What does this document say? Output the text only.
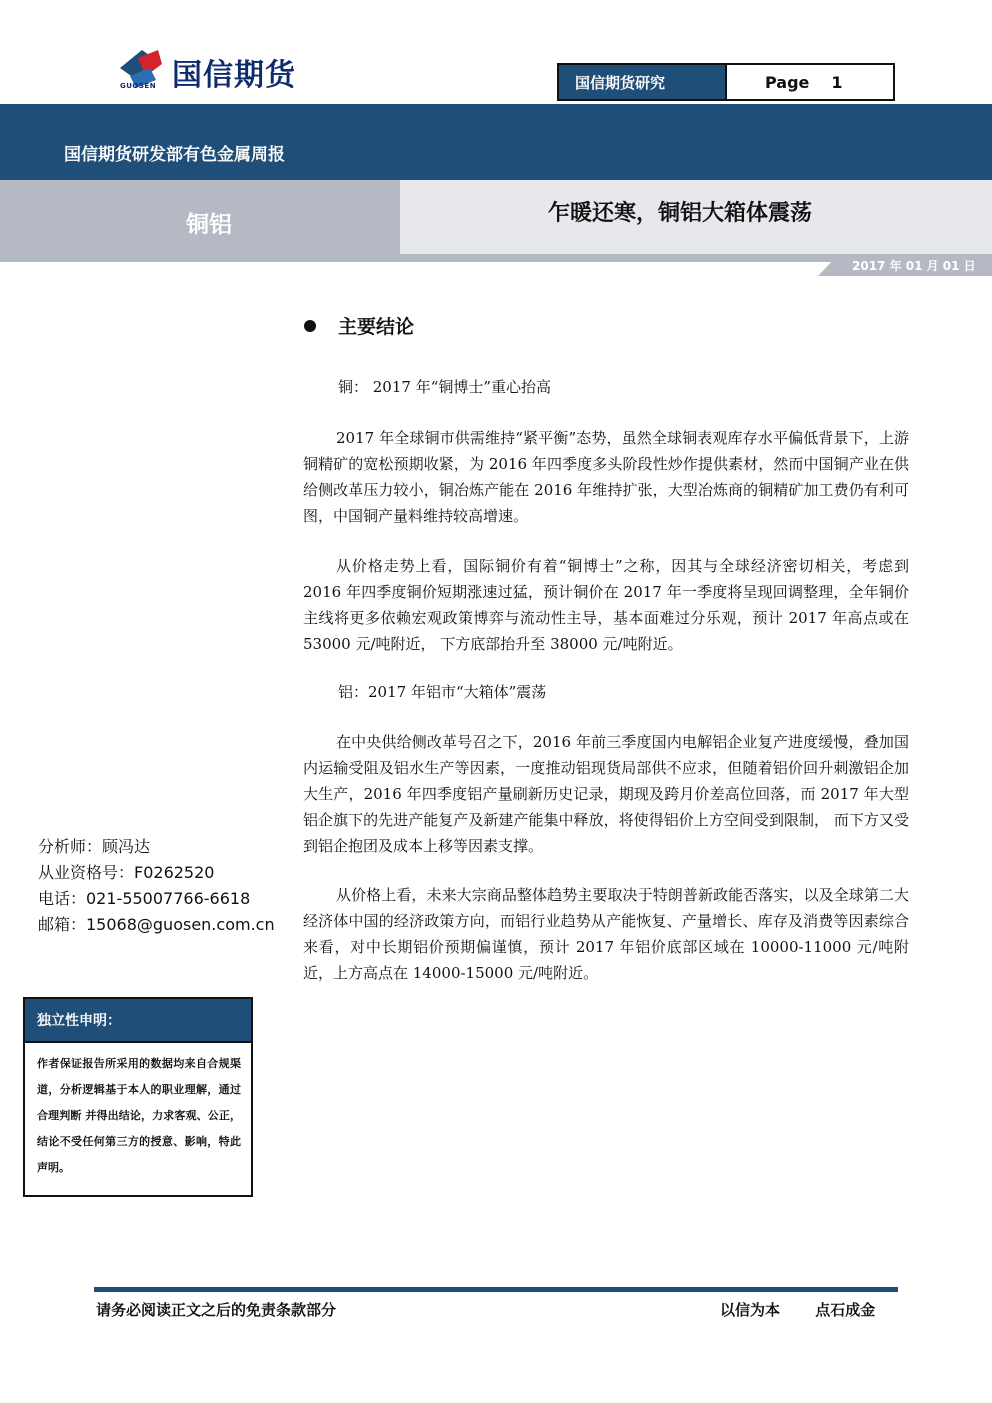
国信期货
GUOSEN	国信期货研究	Page 1
国信期货研发部有色金属周报
铜铝	乍暖还寒，铜铝大箱体震荡
2017 年 01 月 01 日
主要结论
铜： 2017 年“铜博士”重心抬高
2017 年全球铜市供需维持“紧平衡”态势，虽然全球铜表观库存水平偏低背景下，上游铜精矿的宽松预期收紧，为 2016 年四季度多头阶段性炒作提供素材，然而中国铜产业在供给侧改革压力较小，铜冶炼产能在 2016 年维持扩张，大型冶炼商的铜精矿加工费仍有利可图，中国铜产量料维持较高增速。
从价格走势上看，国际铜价有着“铜博士”之称，因其与全球经济密切相关，考虑到 2016 年四季度铜价短期涨速过猛，预计铜价在 2017 年一季度将呈现回调整理，全年铜价主线将更多依赖宏观政策博弈与流动性主导，基本面难过分乐观，预计 2017 年高点或在 53000 元/吨附近， 下方底部抬升至 38000 元/吨附近。
铝：2017 年铝市“大箱体”震荡
在中央供给侧改革号召之下，2016 年前三季度国内电解铝企业复产进度缓慢，叠加国内运输受阻及铝水生产等因素，一度推动铝现货局部供不应求，但随着铝价回升刺激铝企加大生产，2016 年四季度铝产量刷新历史记录，期现及跨月价差高位回落，而 2017 年大型铝企旗下的先进产能复产及新建产能集中释放，将使得铝价上方空间受到限制， 而下方又受到铝企抱团及成本上移等因素支撑。
从价格上看，未来大宗商品整体趋势主要取决于特朗普新政能否落实，以及全球第二大经济体中国的经济政策方向，而铝行业趋势从产能恢复、产量增长、库存及消费等因素综合来看，对中长期铝价预期偏谨慎，预计 2017 年铝价底部区域在 10000-11000 元/吨附近，上方高点在 14000-15000 元/吨附近。
分析师：顾冯达
从业资格号：F0262520
电话：021-55007766-6618
邮箱：15068@guosen.com.cn
独立性申明：
作者保证报告所采用的数据均来自合规渠道，分析逻辑基于本人的职业理解，通过合理判断 并得出结论，力求客观、公正，结论不受任何第三方的授意、影响，特此声明。
请务必阅读正文之后的免责条款部分	以信为本 点石成金
